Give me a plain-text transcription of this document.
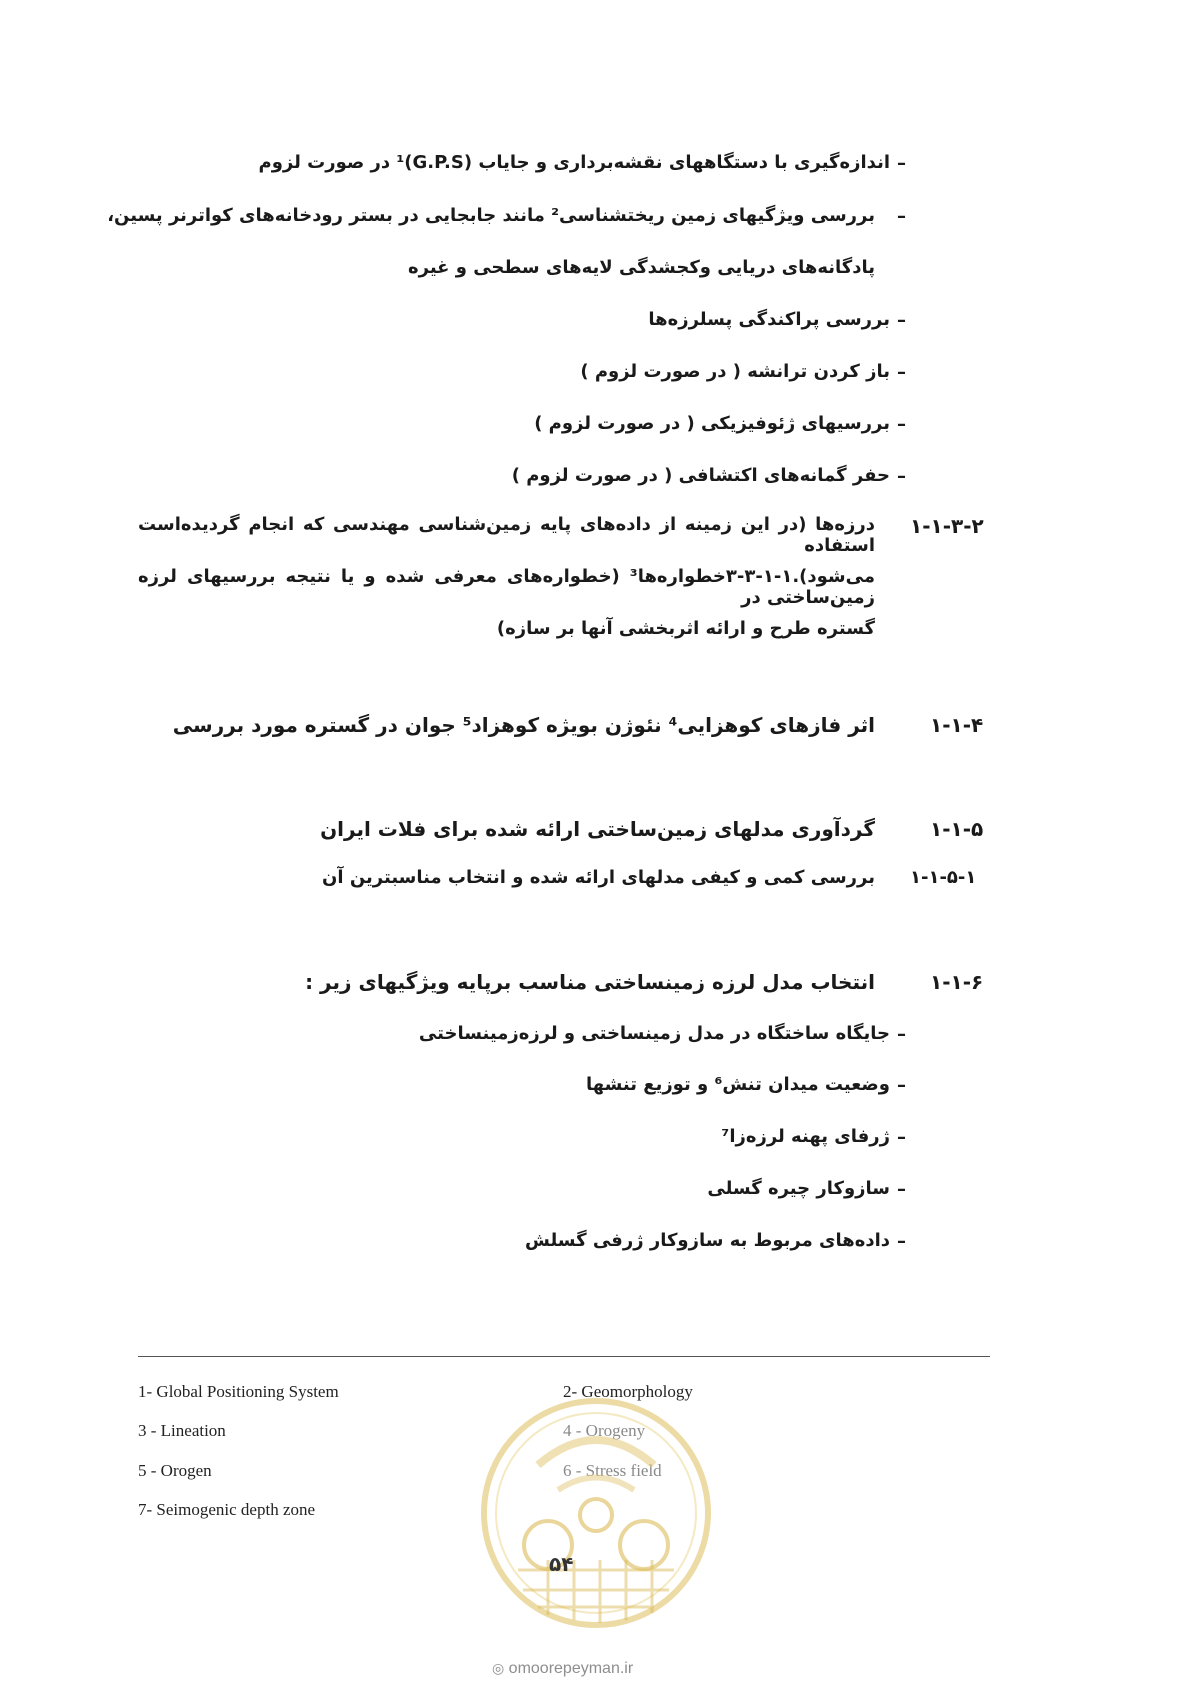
–
اندازه‌گیری با دستگاههای نقشه‌برداری و جایاب (G.P.S)¹ در صورت لزوم
–
بررسی ویژگیهای زمین ریختشناسی² مانند جابجایی در بستر رودخانه‌های کواترنر پسین،
پادگانه‌های دریایی وکجشدگی لایه‌های سطحی و غیره
–
بررسی پراکندگی پسلرزه‌ها
–
باز کردن ترانشه ( در صورت لزوم )
–
بررسیهای ژئوفیزیکی ( در صورت لزوم )
–
حفر گمانه‌های اکتشافی ( در صورت لزوم )
۱-۱-۳-۲
درزه‌ها (در این زمینه از داده‌های پایه زمین‌شناسی مهندسی که انجام گردیده‌است استفاده
می‌شود).۱-۱-۳-۳خطواره‌ها³ (خطواره‌های معرفی شده و یا نتیجه بررسیهای لرزه زمین‌ساختی در
گستره طرح و ارائه اثربخشی آنها بر سازه)
۱-۱-۴
اثر فازهای کوهزایی⁴ نئوژن بویژه کوهزاد⁵ جوان در گستره مورد بررسی
۱-۱-۵
گردآوری مدلهای زمین‌ساختی ارائه شده برای فلات ایران
۱-۱-۵-۱
بررسی کمی و کیفی مدلهای ارائه شده و انتخاب مناسبترین آن
۱-۱-۶
انتخاب مدل لرزه زمینساختی مناسب برپایه ویژگیهای زیر :
–
جایگاه ساختگاه در مدل زمینساختی و لرزه‌زمینساختی
–
وضعیت میدان تنش⁶ و توزیع تنشها
–
ژرفای پهنه لرزه‌زا⁷
–
سازوکار چیره گسلی
–
داده‌های مربوط به سازوکار ژرفی گسلش
1- Global Positioning System	2- Geomorphology
3 - Lineation	4 - Orogeny
5 - Orogen	6 - Stress field
7- Seimogenic depth zone
۵۴
◎ omoorepeyman.ir
